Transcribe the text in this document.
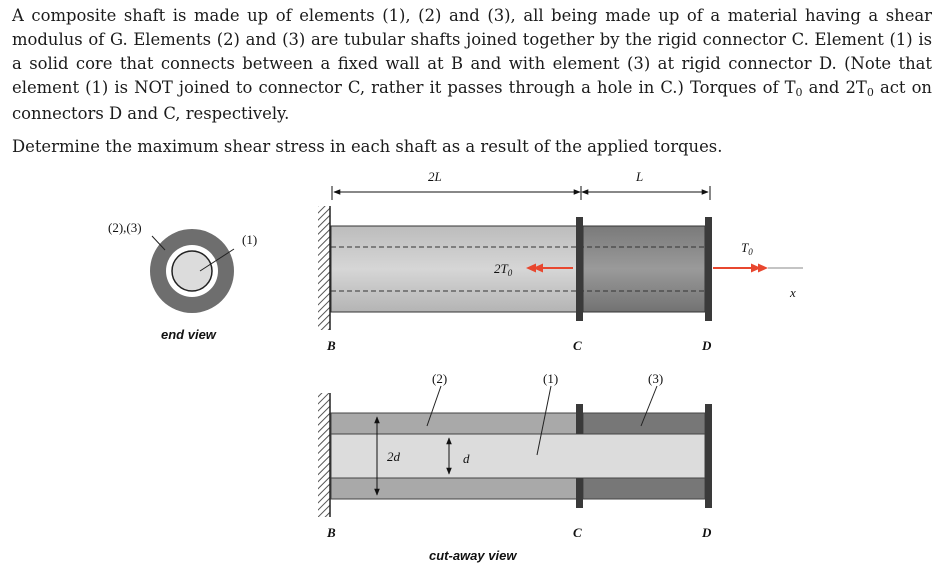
A composite shaft is made up of elements (1), (2) and (3), all being made up of a material having a shear modulus of G. Elements (2) and (3) are tubular shafts joined together by the rigid connector C. Element (1) is a solid core that connects between a fixed wall at B and with element (3) at rigid connector D. (Note that element (1) is NOT joined to connector C, rather it passes through a hole in C.) Torques of T0 and 2T0 act on connectors D and C, respectively.

Determine the maximum shear stress in each shaft as a result of the applied torques.

(2),(3)
(1)
end view
2L	L
$2T_0$
$T_0$
x
B	C	D
2d	d
(2)	(1)	(3)
B	C	D
cut-away view
